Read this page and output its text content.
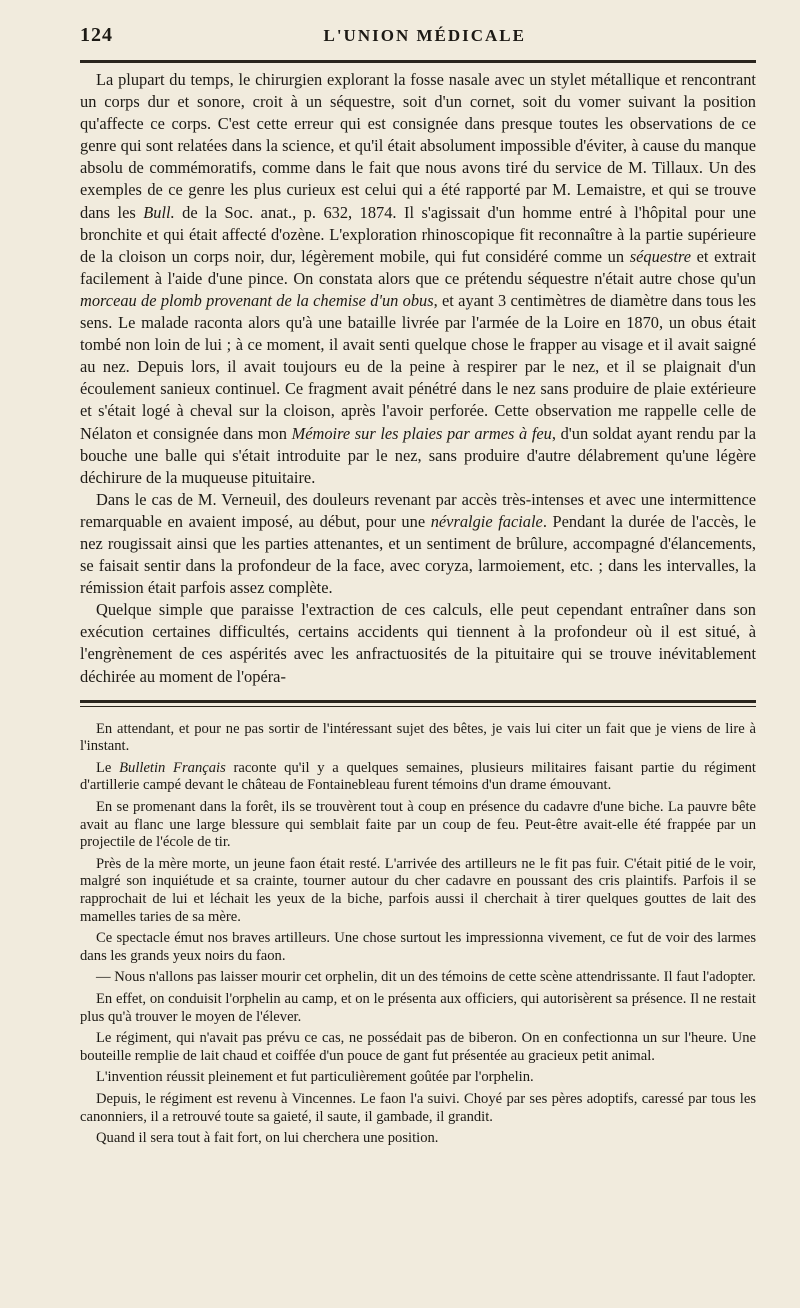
124	L'UNION MÉDICALE

La plupart du temps, le chirurgien explorant la fosse nasale avec un stylet métallique et rencontrant un corps dur et sonore, croit à un séquestre, soit d'un cornet, soit du vomer suivant la position qu'affecte ce corps. C'est cette erreur qui est consignée dans presque toutes les observations de ce genre qui sont relatées dans la science, et qu'il était absolument impossible d'éviter, à cause du manque absolu de commémoratifs, comme dans le fait que nous avons tiré du service de M. Tillaux. Un des exemples de ce genre les plus curieux est celui qui a été rapporté par M. Lemaistre, et qui se trouve dans les Bull. de la Soc. anat., p. 632, 1874. Il s'agissait d'un homme entré à l'hôpital pour une bronchite et qui était affecté d'ozène. L'exploration rhinoscopique fit reconnaître à la partie supérieure de la cloison un corps noir, dur, légèrement mobile, qui fut considéré comme un séquestre et extrait facilement à l'aide d'une pince. On constata alors que ce prétendu séquestre n'était autre chose qu'un morceau de plomb provenant de la chemise d'un obus, et ayant 3 centimètres de diamètre dans tous les sens. Le malade raconta alors qu'à une bataille livrée par l'armée de la Loire en 1870, un obus était tombé non loin de lui ; à ce moment, il avait senti quelque chose le frapper au visage et il avait saigné au nez. Depuis lors, il avait toujours eu de la peine à respirer par le nez, et il se plaignait d'un écoulement sanieux continuel. Ce fragment avait pénétré dans le nez sans produire de plaie extérieure et s'était logé à cheval sur la cloison, après l'avoir perforée. Cette observation me rappelle celle de Nélaton et consignée dans mon Mémoire sur les plaies par armes à feu, d'un soldat ayant rendu par la bouche une balle qui s'était introduite par le nez, sans produire d'autre délabrement qu'une légère déchirure de la muqueuse pituitaire.

Dans le cas de M. Verneuil, des douleurs revenant par accès très-intenses et avec une intermittence remarquable en avaient imposé, au début, pour une névralgie faciale. Pendant la durée de l'accès, le nez rougissait ainsi que les parties attenantes, et un sentiment de brûlure, accompagné d'élancements, se faisait sentir dans la profondeur de la face, avec coryza, larmoiement, etc. ; dans les intervalles, la rémission était parfois assez complète.

Quelque simple que paraisse l'extraction de ces calculs, elle peut cependant entraîner dans son exécution certaines difficultés, certains accidents qui tiennent à la profondeur où il est situé, à l'engrènement de ces aspérités avec les anfractuosités de la pituitaire qui se trouve inévitablement déchirée au moment de l'opéra-

En attendant, et pour ne pas sortir de l'intéressant sujet des bêtes, je vais lui citer un fait que je viens de lire à l'instant.

Le Bulletin Français raconte qu'il y a quelques semaines, plusieurs militaires faisant partie du régiment d'artillerie campé devant le château de Fontainebleau furent témoins d'un drame émouvant.

En se promenant dans la forêt, ils se trouvèrent tout à coup en présence du cadavre d'une biche. La pauvre bête avait au flanc une large blessure qui semblait faite par un coup de feu. Peut-être avait-elle été frappée par un projectile de l'école de tir.

Près de la mère morte, un jeune faon était resté. L'arrivée des artilleurs ne le fit pas fuir. C'était pitié de le voir, malgré son inquiétude et sa crainte, tourner autour du cher cadavre en poussant des cris plaintifs. Parfois il se rapprochait de lui et léchait les yeux de la biche, parfois aussi il cherchait à tirer quelques gouttes de lait des mamelles taries de sa mère.

Ce spectacle émut nos braves artilleurs. Une chose surtout les impressionna vivement, ce fut de voir des larmes dans les grands yeux noirs du faon.

— Nous n'allons pas laisser mourir cet orphelin, dit un des témoins de cette scène attendrissante. Il faut l'adopter.

En effet, on conduisit l'orphelin au camp, et on le présenta aux officiers, qui autorisèrent sa présence. Il ne restait plus qu'à trouver le moyen de l'élever.

Le régiment, qui n'avait pas prévu ce cas, ne possédait pas de biberon. On en confectionna un sur l'heure. Une bouteille remplie de lait chaud et coiffée d'un pouce de gant fut présentée au gracieux petit animal.

L'invention réussit pleinement et fut particulièrement goûtée par l'orphelin.

Depuis, le régiment est revenu à Vincennes. Le faon l'a suivi. Choyé par ses pères adoptifs, caressé par tous les canonniers, il a retrouvé toute sa gaieté, il saute, il gambade, il grandit.

Quand il sera tout à fait fort, on lui cherchera une position.
